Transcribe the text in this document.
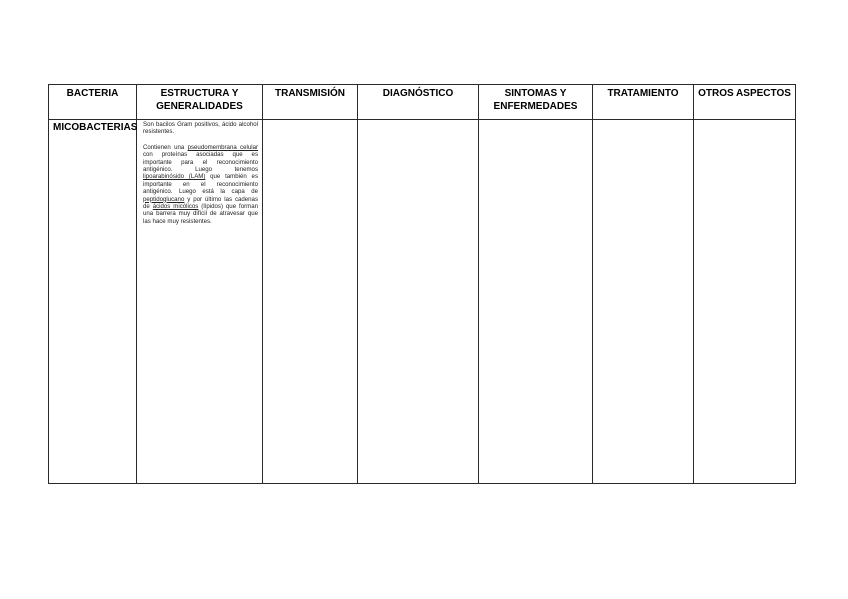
BACTERIA	ESTRUCTURA Y GENERALIDADES	TRANSMISIÓN	DIAGNÓSTICO	SINTOMAS Y ENFERMEDADES	TRATAMIENTO	OTROS ASPECTOS
MICOBACTERIAS	Son bacilos Gram positivos, ácido alcohol resistentes.

Contienen una pseudomembrana celular con proteínas asociadas que es importante para el reconocimiento antigénico. Luego tenemos lipoarabinósido (LAM) que también es importante en el reconocimiento antigénico. Luego está la capa de peptidoglucano y por último las cadenas de ácidos micólicos (lípidos) que forman una barrera muy difícil de atravesar que las hace muy resistentes.					
